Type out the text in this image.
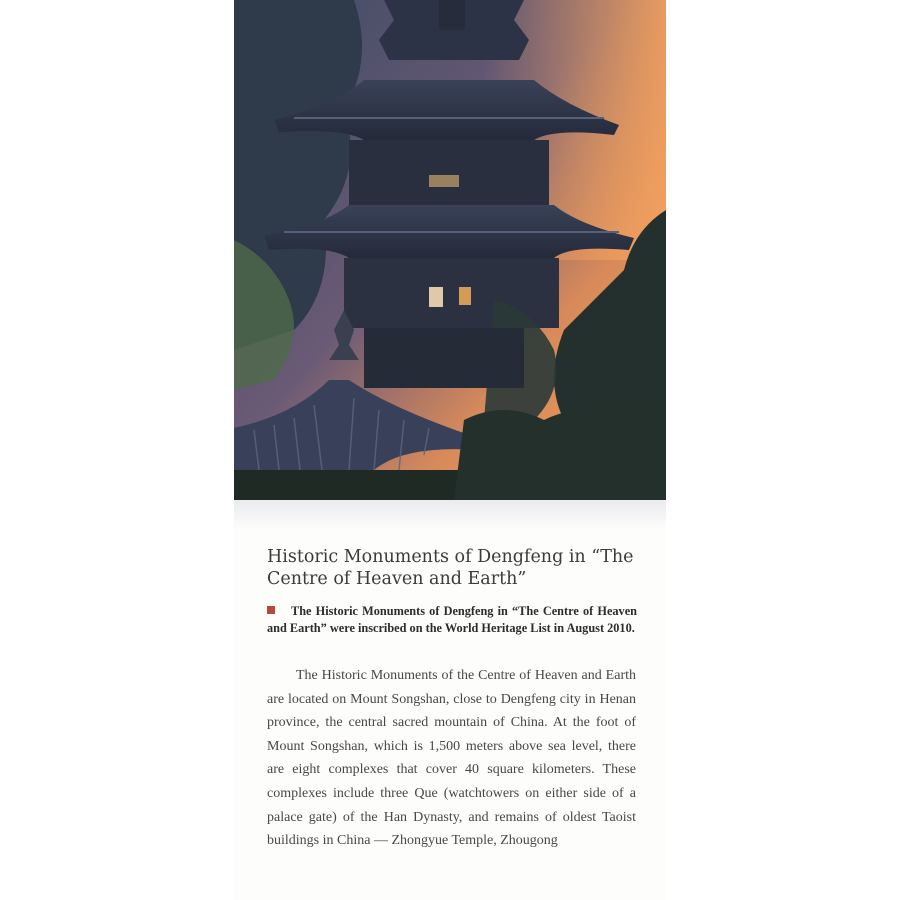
Historic Monuments of Dengfeng in “The Centre of Heaven and Earth”

The Historic Monuments of Dengfeng in “The Centre of Heaven and Earth” were inscribed on the World Heritage List in August 2010.

The Historic Monuments of the Centre of Heaven and Earth are located on Mount Songshan, close to Dengfeng city in Henan province, the central sacred mountain of China. At the foot of Mount Songshan, which is 1,500 meters above sea level, there are eight complexes that cover 40 square kilometers. These complexes include three Que (watchtowers on either side of a palace gate) of the Han Dynasty, and remains of oldest Taoist buildings in China — Zhongyue Temple, Zhougong
